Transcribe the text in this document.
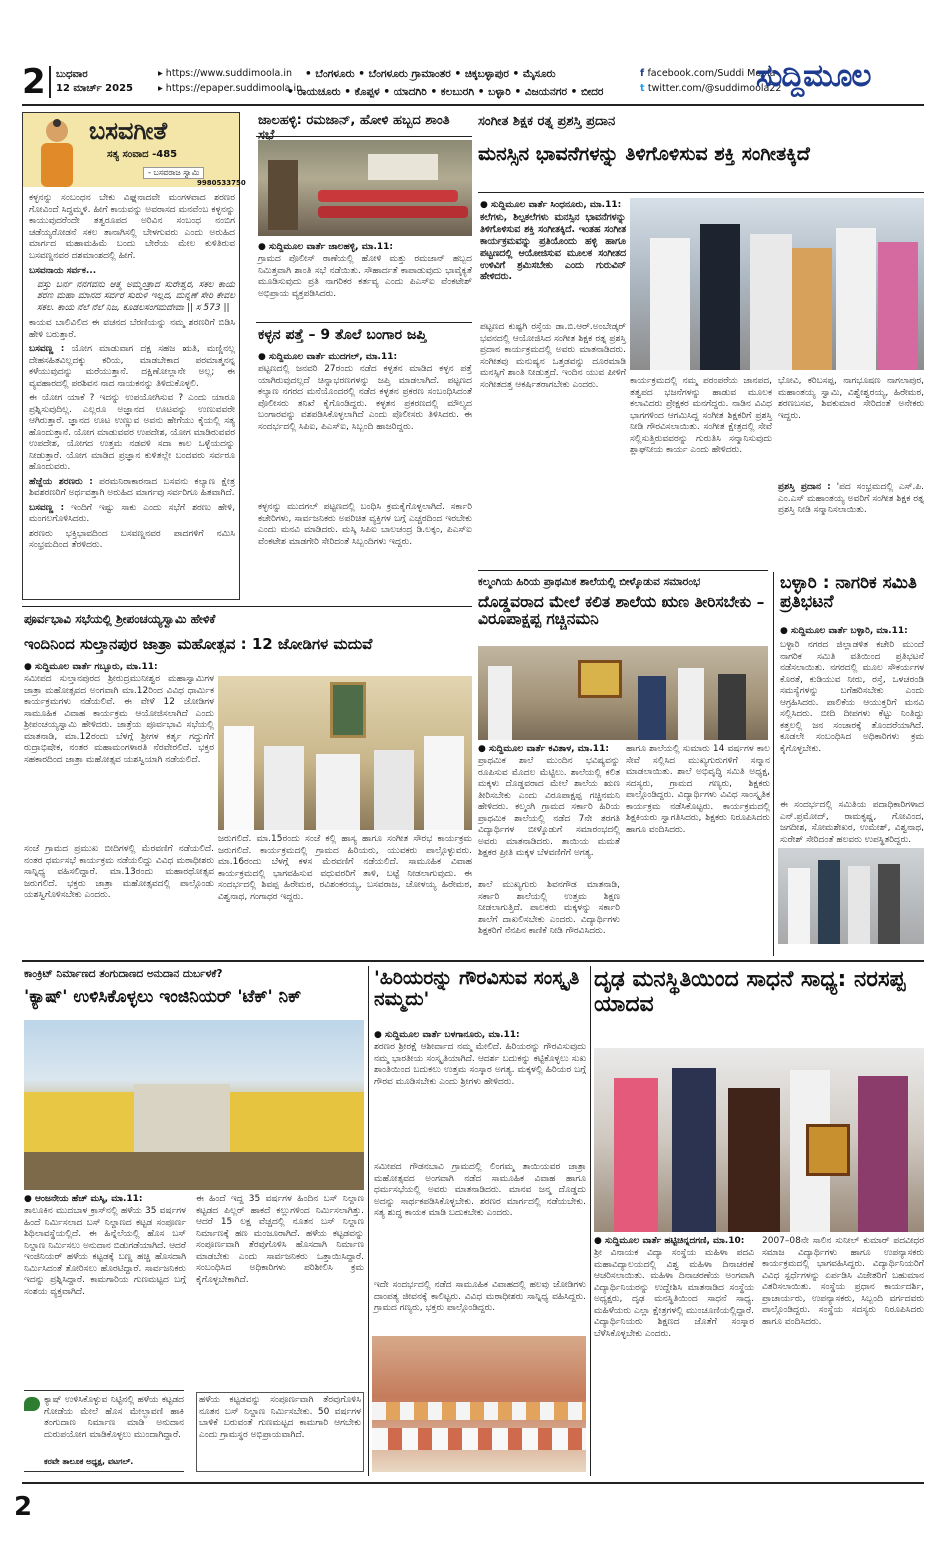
2 ಬುಧವಾರ
12 ಮಾರ್ಚ್ 2025
▸ https://www.suddimoola.in
▸ https://epaper.suddimoola.in
• ಬೆಂಗಳೂರು • ಬೆಂಗಳೂರು ಗ್ರಾಮಾಂತರ • ಚಿಕ್ಕಬಳ್ಳಾಪುರ • ಮೈಸೂರು
• ರಾಯಚೂರು • ಕೊಪ್ಪಳ • ಯಾದಗಿರಿ • ಕಲಬುರಗಿ • ಬಳ್ಳಾರಿ • ವಿಜಯನಗರ • ಬೀದರ
f facebook.com/Suddi Moola
t twitter.com/@suddimoola22
ಸುದ್ದಿಮೂಲ
ಬಸವಗೀತೆ
ಸತ್ಯ ಸಂವಾದ -485
- ಬಸವರಾಜ ಸ್ವಾಮಿ
9980533750

ಕಳ್ಳನನ್ನು ಸಂಬಂಧನ ಬೇಕು ವಿಘ್ನನಾದವೇ ಮಂಗಳವಾದ ಶರಣರ ಗೋವಿಂದೆ ಸಿದ್ಧಮ್ಮಳಿ. ಹೀಗೆ ಕಾಯವನ್ನು ಅವರಾಸದ ಮನವೆಂಬ ಕಳ್ಳನನ್ನು ಕಾಯುವುದರೆಂದೇ ತತ್ವರೂಪದ ಅರಿವಿನ ಸಂಬಂಧ ನಂಬಿಗ ಚಡೆಯ್ಯರೋಡನೆ ಸಕಲ ತಾನಾಗಿಸಲ್ಲಿ ಬೇಳಗುವರು ಎಂದು ಅರುಹಿದ ಮಾರ್ಗದ ಮಹಾಮಹಿಮೆ ಬಂದು ಬೇರೆಯ ಮೇಲ ಕುಳಿತಿರುವ ಬಸವಣ್ಣನವರ ದಶಮಾಂಶದಲ್ಲಿ ಹೀಗೆ.

ಬಸವನಾಯ ಸರ್ವಕ...

ವಸ್ತು ಬರ್ನ ನನಗವನು ಆತ್ಮ ಅಮ್ಮಂತ್ರಾದ ಸುರೇಶ್ವರ, ಸಕಲ ಕಾಯ ಶರಣ ಮಹಾ ಮಾನದ ಸರ್ವರ ಸುರುಳಿ ಇಲ್ಲದ, ಮನ್ನಣೆ ಸೇರಿ ಕೇವಲ ಸಕಲ. ಕಾಯ ನೆಲೆ ನೆಲೆ ನಿಜ, ಕೂಡಲಸಂಗಮದೇವಾ || ಸ 573 ||

ಕಾಯವ ಬಾಲಿವಿಲಿದ ಈ ವಚನದ ಬೆರಣಿಯನ್ನು ನಮ್ಮ ಶರಣರಿಗೆ ಬಿಡಿಸಿ ಹೇಳಿ ಬರುತ್ತಾರೆ.

ಬಸವಣ್ಣ : ಯೋಗ ಮಾಡುವಾಗ ದಕ್ಷ ಸಹಜ ಋತಿ, ಮಣ್ಣಿನಲ್ಲ ದೇಹಸಹಿತವಿಲ್ಲದಕ್ಕು ಕರಿಯ, ಮಾಡಬೇಕಾದ ಪರಮಾತ್ಮನನ್ನ ಕಳೆಯುವುದನ್ನು ಮರೆಯುತ್ತಾನೆ. ದಕ್ಷಿಣೋಲ್ಲಾನೇ ಅಲ್ಲ; ಈ ವ್ಯವಹಾರದಲ್ಲಿ ಪರಶಿವನ ನಾದ ನಾಯಕನನ್ನು ತಿಳಿದುಕೊಳ್ಳಲಿ.

ಈ ಯೋಗ ಯಾಕೆ ? ಇದನ್ನು ಉಪಯೋಗಿಸುವ ? ಎಂದು ಯಾರೂ ಪ್ರಶ್ನಿಸುವುದಿಲ್ಲ. ಎಲ್ಲರೂ ಅಜ್ಞಾನದ ಊಟವನ್ನು ಉಣುವವರೇ ಆಗಿರುತ್ತಾರೆ. ಜ್ಞಾನದ ಊಟ ಉಣ್ಣುವ ಅವನು ಹೇಗೆಯು ಕೈಯಲ್ಲಿ ಸತ್ಯ ಹೊಂದುತ್ತಾನೆ. ಯೋಗ ಮಾಡುವವರ ಉಪದೇಶ, ಯೋಗ ಮಾಡಿರುವವರ ಉಪದೇಶ, ಯೋಗದ ಉತ್ತಮ ನಡವಳಿ ಸದಾ ಕಾಲ ಒಳ್ಳೆಯದನ್ನು ನೀಡುತ್ತಾರೆ. ಯೋಗ ಮಾಡಿದ ಪ್ರಜ್ಞಾನ ಕುಳಿತಲ್ಲೇ ಬಂದವರು ಸರ್ವರೂ ಹೊಂದುವರು.

ಹೆಜ್ಜೆಯ ಶರಣರು : ಪರಮನಿರಾಕಾರನಾದ ಬಸವನು ಕಲ್ಯಾಣ ಕ್ಷೇತ್ರ ಶಿವಶರಣರಿಗೆ ಅರ್ಥವತ್ತಾಗಿ ಅರುಹಿದ ಮಾರ್ಗವು ಸರ್ವರಿಗೂ ಹಿತವಾಗಿದೆ.

ಬಸವಣ್ಣ : ಇಂದಿಗೆ ಇಷ್ಟು ಸಾಕು ಎಂದು ಸಭೆಗೆ ಶರಣು ಹೇಳಿ, ಮಂಗಲಗೊಳಿಸಿದರು.

ಶರಣರು ಭಕ್ತಿಭಾವದಿಂದ ಬಸವಣ್ಣನವರ ಪಾದಗಳಿಗೆ ನಮಿಸಿ ಸಂಭ್ರಮದಿಂದ ತೆರಳಿದರು.

ಜಾಲಹಳ್ಳಿ: ರಮಜಾನ್, ಹೋಳಿ ಹಬ್ಬದ ಶಾಂತಿ
● ಸುದ್ದಿಮೂಲ ವಾರ್ತೆ ಜಾಲಹಳ್ಳಿ, ಮಾ.11:
ಗ್ರಾಮದ ಪೊಲೀಸ್ ಠಾಣೆಯಲ್ಲಿ ಹೋಳಿ ಮತ್ತು ರಮಜಾನ್ ಹಬ್ಬದ ನಿಮಿತ್ತವಾಗಿ ಶಾಂತಿ ಸಭೆ ನಡೆಯಿತು. ಸೌಹಾರ್ದತೆ ಕಾಪಾಡುವುದು ಭಾವೈಕ್ಯತೆ ಮೂಡಿಸುವುದು ಪ್ರತಿ ನಾಗರಿಕರ ಕರ್ತವ್ಯ ಎಂದು ಪಿಎಸ್ಐ ವೆಂಕಟೇಶ್ ಅಭಿಪ್ರಾಯ ವ್ಯಕ್ತಪಡಿಸಿದರು.
ಕಳ್ಳನ ಪತ್ತೆ – 9 ತೊಲೆ ಬಂಗಾರ ಜಪ್ತಿ
● ಸುದ್ದಿಮೂಲ ವಾರ್ತೆ ಮುದಗಲ್, ಮಾ.11:
ಪಟ್ಟಣದಲ್ಲಿ ಜನವರಿ 27ರಂದು ನಡೆದ ಕಳ್ಳತನ ಮಾಡಿದ ಕಳ್ಳನ ಪತ್ತೆ ಯಾಗಿರುವುದಲ್ಲದೆ ಚಿನ್ನಾಭರಣಗಳನ್ನು ಜಪ್ತಿ ಮಾಡಲಾಗಿದೆ. ಪಟ್ಟಣದ ಕಲ್ಯಾಣ ನಗರದ ಮನೆಯೊಂದರಲ್ಲಿ ನಡೆದ ಕಳ್ಳತನ ಪ್ರಕರಣ ಸಂಬಂಧಿಸಿದಂತೆ ಪೊಲೀಸರು ತನಿಖೆ ಕೈಗೊಂಡಿದ್ದರು. ಕಳ್ಳತನ ಪ್ರಕರಣದಲ್ಲಿ ಮೌಲ್ಯದ ಬಂಗಾರವನ್ನು ವಶಪಡಿಸಿಕೊಳ್ಳಲಾಗಿದೆ ಎಂದು ಪೊಲೀಸರು ತಿಳಿಸಿದರು. ಈ ಸಂದರ್ಭದಲ್ಲಿ ಸಿಪಿಐ, ಪಿಎಸ್ಐ, ಸಿಬ್ಬಂದಿ ಹಾಜರಿದ್ದರು.
ಕಳ್ಳನನ್ನು ಮುದಗಲ್ ಪಟ್ಟಣದಲ್ಲಿ ಬಂಧಿಸಿ ಕ್ರಮಕೈಗೊಳ್ಳಲಾಗಿದೆ. ಸರ್ಕಾರಿ ಕಚೇರಿಗಳು, ಸಾರ್ವಜನಿಕರು ಅಪರಿಚಿತ ವ್ಯಕ್ತಿಗಳ ಬಗ್ಗೆ ಎಚ್ಚರದಿಂದ ಇರಬೇಕು ಎಂದು ಮನವಿ ಮಾಡಿದರು. ಮಸ್ಕಿ ಸಿಪಿಐ ಬಾಲಚಂದ್ರ ಡಿ.ಲಕ್ಕಂ, ಪಿಎಸ್ಐ ವೆಂಕಟೇಶ ಮಾಡಗೇರಿ ಸೇರಿದಂತೆ ಸಿಬ್ಬಂದಿಗಳು ಇದ್ದರು.
ಸಂಗೀತ ಶಿಕ್ಷಕ ರತ್ನ ಪ್ರಶಸ್ತಿ ಪ್ರದಾನ
ಮನಸ್ಸಿನ ಭಾವನೆಗಳನ್ನು ತಿಳಿಗೊಳಿಸುವ ಶಕ್ತಿ ಸಂಗೀತಕ್ಕಿದೆ
● ಸುದ್ದಿಮೂಲ ವಾರ್ತೆ ಸಿಂಧನೂರು, ಮಾ.11:
ಕಲೆಗಳು, ಶಿಲ್ಪಕಲೆಗಳು ಮನಸ್ಸಿನ ಭಾವನೆಗಳನ್ನು ತಿಳಿಗೊಳಿಸುವ ಶಕ್ತಿ ಸಂಗೀತಕ್ಕಿದೆ. ಇಂತಹ ಸಂಗೀತ ಕಾರ್ಯಕ್ರಮವನ್ನು ಪ್ರತಿಯೊಂದು ಹಳ್ಳಿ ಹಾಗೂ ಪಟ್ಟಣದಲ್ಲಿ ಆಯೋಜಿಸುವ ಮೂಲಕ ಸಂಗೀತದ ಉಳಿವಿಗೆ ಶ್ರಮಿಸಬೇಕು ಎಂದು ಗುರುವಿನ್ ಹೇಳಿದರು.
ಪಟ್ಟಣದ ಕುಷ್ಟಗಿ ರಸ್ತೆಯ ಡಾ.ಬಿ.ಆರ್.ಅಂಬೇಡ್ಕರ್ ಭವನದಲ್ಲಿ ಆಯೋಜಿಸಿದ ಸಂಗೀತ ಶಿಕ್ಷಕ ರತ್ನ ಪ್ರಶಸ್ತಿ ಪ್ರದಾನ ಕಾರ್ಯಕ್ರಮದಲ್ಲಿ ಅವರು ಮಾತನಾಡಿದರು. ಸಂಗೀತವು ಮನುಷ್ಯನ ಒತ್ತಡವನ್ನು ದೂರಮಾಡಿ ಮನಸ್ಸಿಗೆ ಶಾಂತಿ ನೀಡುತ್ತದೆ. ಇಂದಿನ ಯುವ ಪೀಳಿಗೆ ಸಂಗೀತದತ್ತ ಆಕರ್ಷಿತರಾಗಬೇಕು ಎಂದರು.	ಕಾರ್ಯಕ್ರಮದಲ್ಲಿ ನಮ್ಮ ಪರಂಪರೆಯ ಜಾನಪದ, ತತ್ವಪದ ಭಜನೆಗಳನ್ನು ಹಾಡುವ ಮೂಲಕ ಕಲಾವಿದರು ಪ್ರೇಕ್ಷಕರ ಮನಗೆದ್ದರು. ನಾಡಿನ ವಿವಿಧ ಭಾಗಗಳಿಂದ ಆಗಮಿಸಿದ್ದ ಸಂಗೀತ ಶಿಕ್ಷಕರಿಗೆ ಪ್ರಶಸ್ತಿ ನೀಡಿ ಗೌರವಿಸಲಾಯಿತು. ಸಂಗೀತ ಕ್ಷೇತ್ರದಲ್ಲಿ ಸೇವೆ ಸಲ್ಲಿಸುತ್ತಿರುವವರನ್ನು ಗುರುತಿಸಿ ಸನ್ಮಾನಿಸುವುದು ಶ್ಲಾಘನೀಯ ಕಾರ್ಯ ಎಂದು ಹೇಳಿದರು.
ಭೋವಿ, ಕರಿಬಸಪ್ಪ, ನಾಗಭೂಷಣ ನಾಗಲಾಪುರ, ಮಹಾಂತಯ್ಯ ಸ್ವಾಮಿ, ವಿಶ್ವೇಶ್ವರಯ್ಯ, ಹಿರೇಮಠ, ಶರಣಬಸವ, ಶಿವಕುಮಾರ ಸೇರಿದಂತೆ ಅನೇಕರು ಇದ್ದರು.
ಪ್ರಶಸ್ತಿ ಪ್ರದಾನ : 'ಪದ ಸಂಭ್ರಮದಲ್ಲಿ ಎಸ್.ಪಿ. ಎಂ.ಎಸ್ ಮಹಾಂತಯ್ಯ ಅವರಿಗೆ ಸಂಗೀತ ಶಿಕ್ಷಕ ರತ್ನ ಪ್ರಶಸ್ತಿ ನೀಡಿ ಸನ್ಮಾನಿಸಲಾಯಿತು.
ಕಲ್ಮಂಗಿಯ ಹಿರಿಯ ಪ್ರಾಥಮಿಕ ಶಾಲೆಯಲ್ಲಿ ಬೀಳ್ಕೊಡುವ ಸಮಾರಂಭ
ದೊಡ್ಡವರಾದ ಮೇಲೆ ಕಲಿತ ಶಾಲೆಯ ಋಣ ತೀರಿಸಬೇಕು – ವಿರೂಪಾಕ್ಷಪ್ಪ ಗಚ್ಚಿನಮನಿ
● ಸುದ್ದಿಮೂಲ ವಾರ್ತೆ ಕವಿತಾಳ, ಮಾ.11:
ಪ್ರಾಥಮಿಕ ಶಾಲೆ ಮುಂದಿನ ಭವಿಷ್ಯವನ್ನು ರೂಪಿಸುವ ಮೊದಲ ಮೆಟ್ಟಿಲು. ಶಾಲೆಯಲ್ಲಿ ಕಲಿತ ಮಕ್ಕಳು ದೊಡ್ಡವರಾದ ಮೇಲೆ ಶಾಲೆಯ ಋಣ ತೀರಿಸಬೇಕು ಎಂದು ವಿರೂಪಾಕ್ಷಪ್ಪ ಗಚ್ಚಿನಮನಿ ಹೇಳಿದರು. ಕಲ್ಮಂಗಿ ಗ್ರಾಮದ ಸರ್ಕಾರಿ ಹಿರಿಯ ಪ್ರಾಥಮಿಕ ಶಾಲೆಯಲ್ಲಿ ನಡೆದ 7ನೇ ತರಗತಿ ವಿದ್ಯಾರ್ಥಿಗಳ ಬೀಳ್ಕೊಡುಗೆ ಸಮಾರಂಭದಲ್ಲಿ ಅವರು ಮಾತನಾಡಿದರು. ತಾಯಿಯ ಮಮತೆ ಶಿಕ್ಷಕರ ಪ್ರೀತಿ ಮಕ್ಕಳ ಬೆಳವಣಿಗೆಗೆ ಅಗತ್ಯ.
ಶಾಲೆ ಮುಖ್ಯಗುರು ಶಿವನಗೌಡ ಮಾತನಾಡಿ, ಸರ್ಕಾರಿ ಶಾಲೆಯಲ್ಲಿ ಉತ್ತಮ ಶಿಕ್ಷಣ ನೀಡಲಾಗುತ್ತಿದೆ. ಪಾಲಕರು ಮಕ್ಕಳನ್ನು ಸರ್ಕಾರಿ ಶಾಲೆಗೆ ದಾಖಲಿಸಬೇಕು ಎಂದರು. ವಿದ್ಯಾರ್ಥಿಗಳು ಶಿಕ್ಷಕರಿಗೆ ನೆನಪಿನ ಕಾಣಿಕೆ ನೀಡಿ ಗೌರವಿಸಿದರು.
ಹಾಗೂ ಶಾಲೆಯಲ್ಲಿ ಸುಮಾರು 14 ವರ್ಷಗಳ ಕಾಲ ಸೇವೆ ಸಲ್ಲಿಸಿದ ಮುಖ್ಯಗುರುಗಳಿಗೆ ಸನ್ಮಾನ ಮಾಡಲಾಯಿತು. ಶಾಲೆ ಅಭಿವೃದ್ಧಿ ಸಮಿತಿ ಅಧ್ಯಕ್ಷ, ಸದಸ್ಯರು, ಗ್ರಾಮದ ಗಣ್ಯರು, ಶಿಕ್ಷಕರು ಪಾಲ್ಗೊಂಡಿದ್ದರು. ವಿದ್ಯಾರ್ಥಿಗಳು ವಿವಿಧ ಸಾಂಸ್ಕೃತಿಕ ಕಾರ್ಯಕ್ರಮ ನಡೆಸಿಕೊಟ್ಟರು. ಕಾರ್ಯಕ್ರಮದಲ್ಲಿ ಶಿಕ್ಷಕಿಯರು ಸ್ವಾಗತಿಸಿದರು, ಶಿಕ್ಷಕರು ನಿರೂಪಿಸಿದರು ಹಾಗೂ ವಂದಿಸಿದರು.
ಬಳ್ಳಾರಿ : ನಾಗರಿಕ ಸಮಿತಿ ಪ್ರತಿಭಟನೆ
● ಸುದ್ದಿಮೂಲ ವಾರ್ತೆ ಬಳ್ಳಾರಿ, ಮಾ.11:
ಬಳ್ಳಾರಿ ನಗರದ ಜಿಲ್ಲಾಡಳಿತ ಕಚೇರಿ ಮುಂದೆ ನಾಗರಿಕ ಸಮಿತಿ ವತಿಯಿಂದ ಪ್ರತಿಭಟನೆ ನಡೆಸಲಾಯಿತು. ನಗರದಲ್ಲಿ ಮೂಲ ಸೌಕರ್ಯಗಳ ಕೊರತೆ, ಕುಡಿಯುವ ನೀರು, ರಸ್ತೆ, ಒಳಚರಂಡಿ ಸಮಸ್ಯೆಗಳನ್ನು ಬಗೆಹರಿಸಬೇಕು ಎಂದು ಆಗ್ರಹಿಸಿದರು. ಪಾಲಿಕೆಯ ಆಯುಕ್ತರಿಗೆ ಮನವಿ ಸಲ್ಲಿಸಿದರು. ಬೀದಿ ದೀಪಗಳು ಕೆಟ್ಟು ನಿಂತಿದ್ದು ಕತ್ತಲಲ್ಲಿ ಜನ ಸಂಚಾರಕ್ಕೆ ತೊಂದರೆಯಾಗಿದೆ. ಕೂಡಲೇ ಸಂಬಂಧಿಸಿದ ಅಧಿಕಾರಿಗಳು ಕ್ರಮ ಕೈಗೊಳ್ಳಬೇಕು.
ಈ ಸಂದರ್ಭದಲ್ಲಿ ಸಮಿತಿಯ ಪದಾಧಿಕಾರಿಗಳಾದ ಎನ್.ಪ್ರಮೋದ್, ರಾಮಕೃಷ್ಣ, ಗೋವಿಂದ, ಜಗದೀಶ, ಸೋಮಶೇಖರ, ಉಮೇಶ್, ವಿಶ್ವನಾಥ, ಸುರೇಶ್ ಸೇರಿದಂತೆ ಹಲವರು ಉಪಸ್ಥಿತರಿದ್ದರು.
ಪೂರ್ವಭಾವಿ ಸಭೆಯಲ್ಲಿ ಶ್ರೀಪಂಚಯ್ಯಸ್ವಾಮಿ ಹೇಳಿಕೆ
ಇಂದಿನಿಂದ ಸುಲ್ತಾನಪುರ ಜಾತ್ರಾ ಮಹೋತ್ಸವ : 12 ಜೋಡಿಗಳ ಮದುವೆ
● ಸುದ್ದಿಮೂಲ ವಾರ್ತೆ ಗಬ್ಬೂರು, ಮಾ.11:
ಸಮೀಪದ ಸುಲ್ತಾನಪುರದ ಶ್ರೀರುದ್ರಮುನೀಶ್ವರ ಮಹಾಸ್ವಾಮಿಗಳ ಜಾತ್ರಾ ಮಹೋತ್ಸವದ ಅಂಗವಾಗಿ ಮಾ.12ರಿಂದ ವಿವಿಧ ಧಾರ್ಮಿಕ ಕಾರ್ಯಕ್ರಮಗಳು ನಡೆಯಲಿವೆ. ಈ ವೇಳೆ 12 ಜೋಡಿಗಳ ಸಾಮೂಹಿಕ ವಿವಾಹ ಕಾರ್ಯಕ್ರಮ ಆಯೋಜಿಸಲಾಗಿದೆ ಎಂದು ಶ್ರೀಪಂಚಯ್ಯಸ್ವಾಮಿ ಹೇಳಿದರು. ಜಾತ್ರೆಯ ಪೂರ್ವಭಾವಿ ಸಭೆಯಲ್ಲಿ ಮಾತನಾಡಿ, ಮಾ.12ರಂದು ಬೆಳಗ್ಗೆ ಶ್ರೀಗಳ ಕರ್ತೃ ಗದ್ದುಗೆಗೆ ರುದ್ರಾಭಿಷೇಕ, ನಂತರ ಮಹಾಮಂಗಳಾರತಿ ನೆರವೇರಲಿದೆ. ಭಕ್ತರ ಸಹಕಾರದಿಂದ ಜಾತ್ರಾ ಮಹೋತ್ಸವ ಯಶಸ್ವಿಯಾಗಿ ನಡೆಯಲಿದೆ.
ಸಂಜೆ ಗ್ರಾಮದ ಪ್ರಮುಖ ಬೀದಿಗಳಲ್ಲಿ ಮೆರವಣಿಗೆ ನಡೆಯಲಿದೆ. ನಂತರ ಧರ್ಮಸಭೆ ಕಾರ್ಯಕ್ರಮ ನಡೆಯಲಿದ್ದು ವಿವಿಧ ಮಠಾಧೀಶರು ಸಾನ್ನಿಧ್ಯ ವಹಿಸಲಿದ್ದಾರೆ. ಮಾ.13ರಂದು ಮಹಾರಥೋತ್ಸವ ಜರುಗಲಿದೆ. ಭಕ್ತರು ಜಾತ್ರಾ ಮಹೋತ್ಸವದಲ್ಲಿ ಪಾಲ್ಗೊಂಡು ಯಶಸ್ವಿಗೊಳಿಸಬೇಕು ಎಂದರು.
ಜರುಗಲಿದೆ. ಮಾ.15ರಂದು ಸಂಜೆ ಕಲ್ಲಿ ಹಾಸ್ಯ ಹಾಗೂ ಸಂಗೀತ ಸೌರಭ ಕಾರ್ಯಕ್ರಮ ಜರುಗಲಿದೆ. ಕಾರ್ಯಕ್ರಮದಲ್ಲಿ ಗ್ರಾಮದ ಹಿರಿಯರು, ಯುವಕರು ಪಾಲ್ಗೊಳ್ಳುವರು. ಮಾ.16ರಂದು ಬೆಳಗ್ಗೆ ಕಳಸ ಮೆರವಣಿಗೆ ನಡೆಯಲಿದೆ. ಸಾಮೂಹಿಕ ವಿವಾಹ ಕಾರ್ಯಕ್ರಮದಲ್ಲಿ ಭಾಗವಹಿಸುವ ವಧುವರರಿಗೆ ತಾಳಿ, ಬಟ್ಟೆ ನೀಡಲಾಗುವುದು. ಈ ಸಂದರ್ಭದಲ್ಲಿ ಶಿವಪ್ಪ ಹಿರೇಮಠ, ರವಿಶಂಕರಯ್ಯ, ಬಸವರಾಜ, ಚೋಳಯ್ಯ ಹಿರೇಮಠ, ವಿಶ್ವನಾಥ, ಗಂಗಾಧರ ಇದ್ದರು.
ಕಾಂಕ್ರಿಟ್ ನಿರ್ಮಾಣದ ತಂಗುದಾಣದ ಅನುದಾನ ದುರ್ಬಳಕೆ?
'ಕ್ಯಾಷ್' ಉಳಿಸಿಕೊಳ್ಳಲು ಇಂಜಿನಿಯರ್ 'ಟೆಕ್' ನಿಕ್
● ಆಂಜನೇಯ ಹೆಚ್ ಮಸ್ಕಿ, ಮಾ.11:
ತಾಲೂಕಿನ ಮುದಬಾಳ ಕ್ರಾಸ್‌ನಲ್ಲಿ ಹಳೆಯ 35 ವರ್ಷಗಳ ಹಿಂದೆ ನಿರ್ಮಿಸಲಾದ ಬಸ್ ನಿಲ್ದಾಣದ ಕಟ್ಟಡ ಸಂಪೂರ್ಣ ಶಿಥಿಲಾವಸ್ಥೆಯಲ್ಲಿದೆ. ಈ ಹಿನ್ನೆಲೆಯಲ್ಲಿ ಹೊಸ ಬಸ್ ನಿಲ್ದಾಣ ನಿರ್ಮಿಸಲು ಅನುದಾನ ಬಿಡುಗಡೆಯಾಗಿದೆ. ಆದರೆ ಇಂಜಿನಿಯರ್ ಹಳೆಯ ಕಟ್ಟಡಕ್ಕೆ ಬಣ್ಣ ಹಚ್ಚಿ ಹೊಸದಾಗಿ ನಿರ್ಮಿಸಿದಂತೆ ತೋರಿಸಲು ಹೊರಟಿದ್ದಾರೆ. ಸಾರ್ವಜನಿಕರು ಇದನ್ನು ಪ್ರಶ್ನಿಸಿದ್ದಾರೆ. ಕಾಮಗಾರಿಯ ಗುಣಮಟ್ಟದ ಬಗ್ಗೆ ಸಂಶಯ ವ್ಯಕ್ತವಾಗಿದೆ.
ಈ ಹಿಂದೆ ಇದ್ದ 35 ವರ್ಷಗಳ ಹಿಂದಿನ ಬಸ್ ನಿಲ್ದಾಣ ಕಟ್ಟಡದ ಪಿಲ್ಲರ್ ಹಾಕದೆ ಕಲ್ಲುಗಳಿಂದ ನಿರ್ಮಿಸಲಾಗಿತ್ತು. ಆದರೆ 15 ಲಕ್ಷ ವೆಚ್ಚದಲ್ಲಿ ನೂತನ ಬಸ್ ನಿಲ್ದಾಣ ನಿರ್ಮಾಣಕ್ಕೆ ಹಣ ಮಂಜೂರಾಗಿದೆ. ಹಳೆಯ ಕಟ್ಟಡವನ್ನು ಸಂಪೂರ್ಣವಾಗಿ ತೆರವುಗೊಳಿಸಿ ಹೊಸದಾಗಿ ನಿರ್ಮಾಣ ಮಾಡಬೇಕು ಎಂದು ಸಾರ್ವಜನಿಕರು ಒತ್ತಾಯಿಸಿದ್ದಾರೆ. ಸಂಬಂಧಿಸಿದ ಅಧಿಕಾರಿಗಳು ಪರಿಶೀಲಿಸಿ ಕ್ರಮ ಕೈಗೊಳ್ಳಬೇಕಾಗಿದೆ.
ಕ್ಯಾಷ್ ಉಳಿಸಿಕೊಳ್ಳುವ ನಿಟ್ಟಿನಲ್ಲಿ ಹಳೆಯ ಕಟ್ಟಡದ ಗೋಡೆಯ ಮೇಲೆ ಹೊಸ ಮೇಲ್ಛಾವಣಿ ಹಾಕಿ ತಂಗುದಾಣ ನಿರ್ಮಾಣ ಮಾಡಿ ಅನುದಾನ ದುರುಪಯೋಗ ಮಾಡಿಕೊಳ್ಳಲು ಮುಂದಾಗಿದ್ದಾರೆ.
ಕರವೇ ತಾಲೂಕ ಅಧ್ಯಕ್ಷ, ವಟಗಲ್.
ಹಳೆಯ ಕಟ್ಟಡವನ್ನು ಸಂಪೂರ್ಣವಾಗಿ ತೆರವುಗೊಳಿಸಿ ನೂತನ ಬಸ್ ನಿಲ್ದಾಣ ನಿರ್ಮಿಸಬೇಕು. 50 ವರ್ಷಗಳ ಬಾಳಿಕೆ ಬರುವಂತೆ ಗುಣಮಟ್ಟದ ಕಾಮಗಾರಿ ಆಗಬೇಕು ಎಂದು ಗ್ರಾಮಸ್ಥರ ಅಭಿಪ್ರಾಯವಾಗಿದೆ.
'ಹಿರಿಯರನ್ನು ಗೌರವಿಸುವ ಸಂಸ್ಕೃತಿ ನಮ್ಮದು'
● ಸುದ್ದಿಮೂಲ ವಾರ್ತೆ ಬಳಗಾನೂರು, ಮಾ.11:
ಶರಣರ ಶ್ರೀರಕ್ಷೆ ಆಶೀರ್ವಾದ ನಮ್ಮ ಮೇಲಿದೆ. ಹಿರಿಯರನ್ನು ಗೌರವಿಸುವುದು ನಮ್ಮ ಭಾರತೀಯ ಸಂಸ್ಕೃತಿಯಾಗಿದೆ. ಆದರ್ಶ ಬದುಕನ್ನು ಕಟ್ಟಿಕೊಳ್ಳಲು ಸುಖ ಶಾಂತಿಯಿಂದ ಬದುಕಲು ಉತ್ತಮ ಸಂಸ್ಕಾರ ಅಗತ್ಯ. ಮಕ್ಕಳಲ್ಲಿ ಹಿರಿಯರ ಬಗ್ಗೆ ಗೌರವ ಮೂಡಿಸಬೇಕು ಎಂದು ಶ್ರೀಗಳು ಹೇಳಿದರು.
ಸಮೀಪದ ಗೌಡನಬಾವಿ ಗ್ರಾಮದಲ್ಲಿ ಲಿಂಗಮ್ಮ ತಾಯಿಯವರ ಜಾತ್ರಾ ಮಹೋತ್ಸವದ ಅಂಗವಾಗಿ ನಡೆದ ಸಾಮೂಹಿಕ ವಿವಾಹ ಹಾಗೂ ಧರ್ಮಸಭೆಯಲ್ಲಿ ಅವರು ಮಾತನಾಡಿದರು. ಮಾನವ ಜನ್ಮ ದೊಡ್ಡದು ಅದನ್ನು ಸಾರ್ಥಕಪಡಿಸಿಕೊಳ್ಳಬೇಕು. ಶರಣರ ಮಾರ್ಗದಲ್ಲಿ ನಡೆಯಬೇಕು. ಸತ್ಯ ಶುದ್ಧ ಕಾಯಕ ಮಾಡಿ ಬದುಕಬೇಕು ಎಂದರು.
ಇದೇ ಸಂದರ್ಭದಲ್ಲಿ ನಡೆದ ಸಾಮೂಹಿಕ ವಿವಾಹದಲ್ಲಿ ಹಲವು ಜೋಡಿಗಳು ದಾಂಪತ್ಯ ಜೀವನಕ್ಕೆ ಕಾಲಿಟ್ಟರು. ವಿವಿಧ ಮಠಾಧೀಶರು ಸಾನ್ನಿಧ್ಯ ವಹಿಸಿದ್ದರು. ಗ್ರಾಮದ ಗಣ್ಯರು, ಭಕ್ತರು ಪಾಲ್ಗೊಂಡಿದ್ದರು.
ದೃಢ ಮನಸ್ಥಿತಿಯಿಂದ ಸಾಧನೆ ಸಾಧ್ಯ: ನರಸಪ್ಪ ಯಾದವ
● ಸುದ್ದಿಮೂಲ ವಾರ್ತೆ ಹಟ್ಟಿಚಿನ್ನದಗಣಿ, ಮಾ.10:
ಶ್ರೀ ವಿನಾಯಕ ವಿದ್ಯಾ ಸಂಸ್ಥೆಯ ಮಹಿಳಾ ಪದವಿ ಮಹಾವಿದ್ಯಾಲಯದಲ್ಲಿ ವಿಶ್ವ ಮಹಿಳಾ ದಿನಾಚರಣೆ ಆಚರಿಸಲಾಯಿತು. ಮಹಿಳಾ ದಿನಾಚರಣೆಯ ಅಂಗವಾಗಿ ವಿದ್ಯಾರ್ಥಿನಿಯರನ್ನು ಉದ್ದೇಶಿಸಿ ಮಾತನಾಡಿದ ಸಂಸ್ಥೆಯ ಅಧ್ಯಕ್ಷರು, ದೃಢ ಮನಸ್ಥಿತಿಯಿಂದ ಸಾಧನೆ ಸಾಧ್ಯ. ಮಹಿಳೆಯರು ಎಲ್ಲಾ ಕ್ಷೇತ್ರಗಳಲ್ಲಿ ಮುಂಚೂಣಿಯಲ್ಲಿದ್ದಾರೆ. ವಿದ್ಯಾರ್ಥಿನಿಯರು ಶಿಕ್ಷಣದ ಜೊತೆಗೆ ಸಂಸ್ಕಾರ ಬೆಳೆಸಿಕೊಳ್ಳಬೇಕು ಎಂದರು.
2007–08ನೇ ಸಾಲಿನ ಸುನೀಲ್ ಕುಮಾರ್ ಪದವೀಧರ ಸಮಾಜ ವಿದ್ಯಾರ್ಥಿಗಳು ಹಾಗೂ ಉಪನ್ಯಾಸಕರು ಕಾರ್ಯಕ್ರಮದಲ್ಲಿ ಭಾಗವಹಿಸಿದ್ದರು. ವಿದ್ಯಾರ್ಥಿನಿಯರಿಗೆ ವಿವಿಧ ಸ್ಪರ್ಧೆಗಳನ್ನು ಏರ್ಪಡಿಸಿ ವಿಜೇತರಿಗೆ ಬಹುಮಾನ ವಿತರಿಸಲಾಯಿತು. ಸಂಸ್ಥೆಯ ಪ್ರಧಾನ ಕಾರ್ಯದರ್ಶಿ, ಪ್ರಾಚಾರ್ಯರು, ಉಪನ್ಯಾಸಕರು, ಸಿಬ್ಬಂದಿ ವರ್ಗದವರು ಪಾಲ್ಗೊಂಡಿದ್ದರು. ಸಂಸ್ಥೆಯ ಸದಸ್ಯರು ನಿರೂಪಿಸಿದರು ಹಾಗೂ ವಂದಿಸಿದರು.
2
